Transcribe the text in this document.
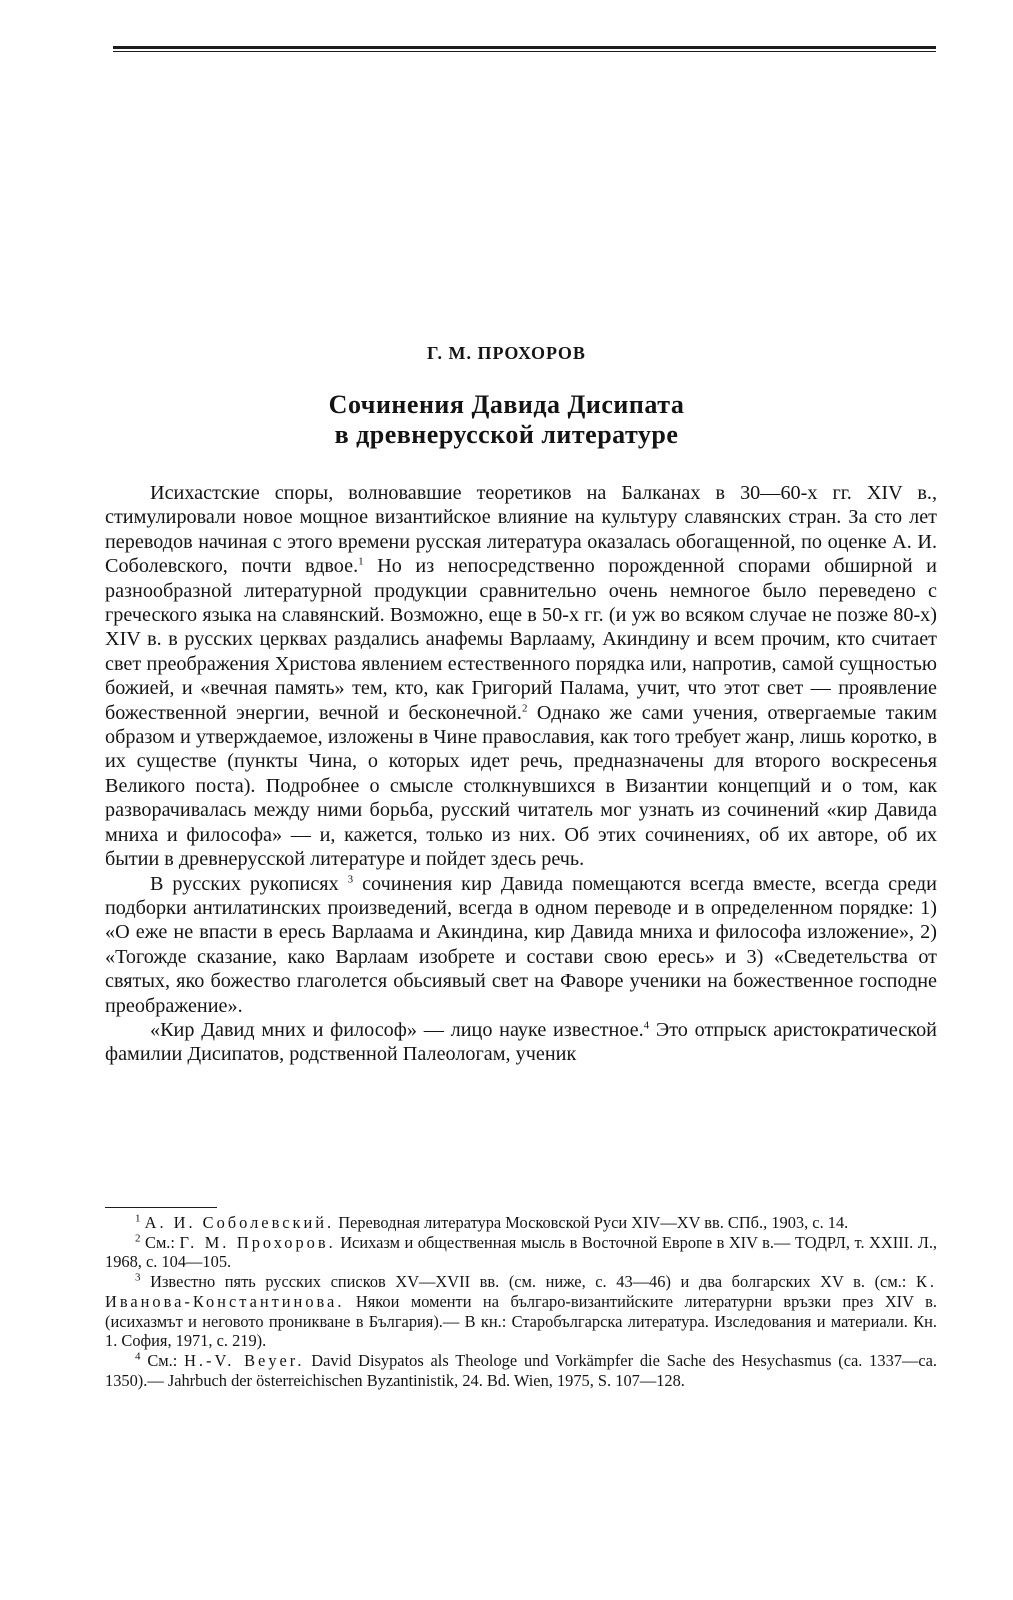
Г. М. ПРОХОРОВ
Сочинения Давида Дисипата
в древнерусской литературе

Исихастские споры, волновавшие теоретиков на Балканах в 30—60-х гг. XIV в., стимулировали новое мощное византийское влияние на культуру славянских стран. За сто лет переводов начиная с этого времени русская литература оказалась обогащенной, по оценке А. И. Соболевского, почти вдвое.$^1$ Но из непосредственно порожденной спорами обширной и разнообразной литературной продукции сравнительно очень немногое было переведено с греческого языка на славянский. Возможно, еще в 50-х гг. (и уж во всяком случае не позже 80-х) XIV в. в русских церквах раздались анафемы Варлааму, Акиндину и всем прочим, кто считает свет преображения Христова явлением естественного порядка или, напротив, самой сущностью божией, и «вечная память» тем, кто, как Григорий Палама, учит, что этот свет — проявление божественной энергии, вечной и бесконечной.$^2$ Однако же сами учения, отвергаемые таким образом и утверждаемое, изложены в Чине православия, как того требует жанр, лишь коротко, в их существе (пункты Чина, о которых идет речь, предназначены для второго воскресенья Великого поста). Подробнее о смысле столкнувшихся в Византии концепций и о том, как разворачивалась между ними борьба, русский читатель мог узнать из сочинений «кир Давида мниха и философа» — и, кажется, только из них. Об этих сочинениях, об их авторе, об их бытии в древнерусской литературе и пойдет здесь речь.

В русских рукописях $^3$ сочинения кир Давида помещаются всегда вместе, всегда среди подборки антилатинских произведений, всегда в одном переводе и в определенном порядке: 1) «О еже не впасти в ересь Варлаама и Акиндина, кир Давида мниха и философа изложение», 2) «Тогожде сказание, како Варлаам изобрете и состави свою ересь» и 3) «Сведетельства от святых, яко божество глаголется обьсиявый свет на Фаворе ученики на божественное господне преображение».

«Кир Давид мних и философ» — лицо науке известное.$^4$ Это отпрыск аристократической фамилии Дисипатов, родственной Палеологам, ученик

$^1$ А. И. Соболевский. Переводная литература Московской Руси XIV—XV вв. СПб., 1903, с. 14.

$^2$ См.: Г. М. Прохоров. Исихазм и общественная мысль в Восточной Европе в XIV в.— ТОДРЛ, т. XXIII. Л., 1968, с. 104—105.

$^3$ Известно пять русских списков XV—XVII вв. (см. ниже, с. 43—46) и два болгарских XV в. (см.: К. Иванова-Константинова. Някои моменти на българо-византийските литературни връзки през XIV в. (исихазмът и неговото проникване в България).— В кн.: Старобългарска литература. Изследования и материали. Кн. 1. София, 1971, с. 219).

$^4$ См.: H.-V. Beyer. David Disypatos als Theologe und Vorkämpfer die Sache des Hesychasmus (ca. 1337—ca. 1350).— Jahrbuch der österreichischen Byzantinistik, 24. Bd. Wien, 1975, S. 107—128.
